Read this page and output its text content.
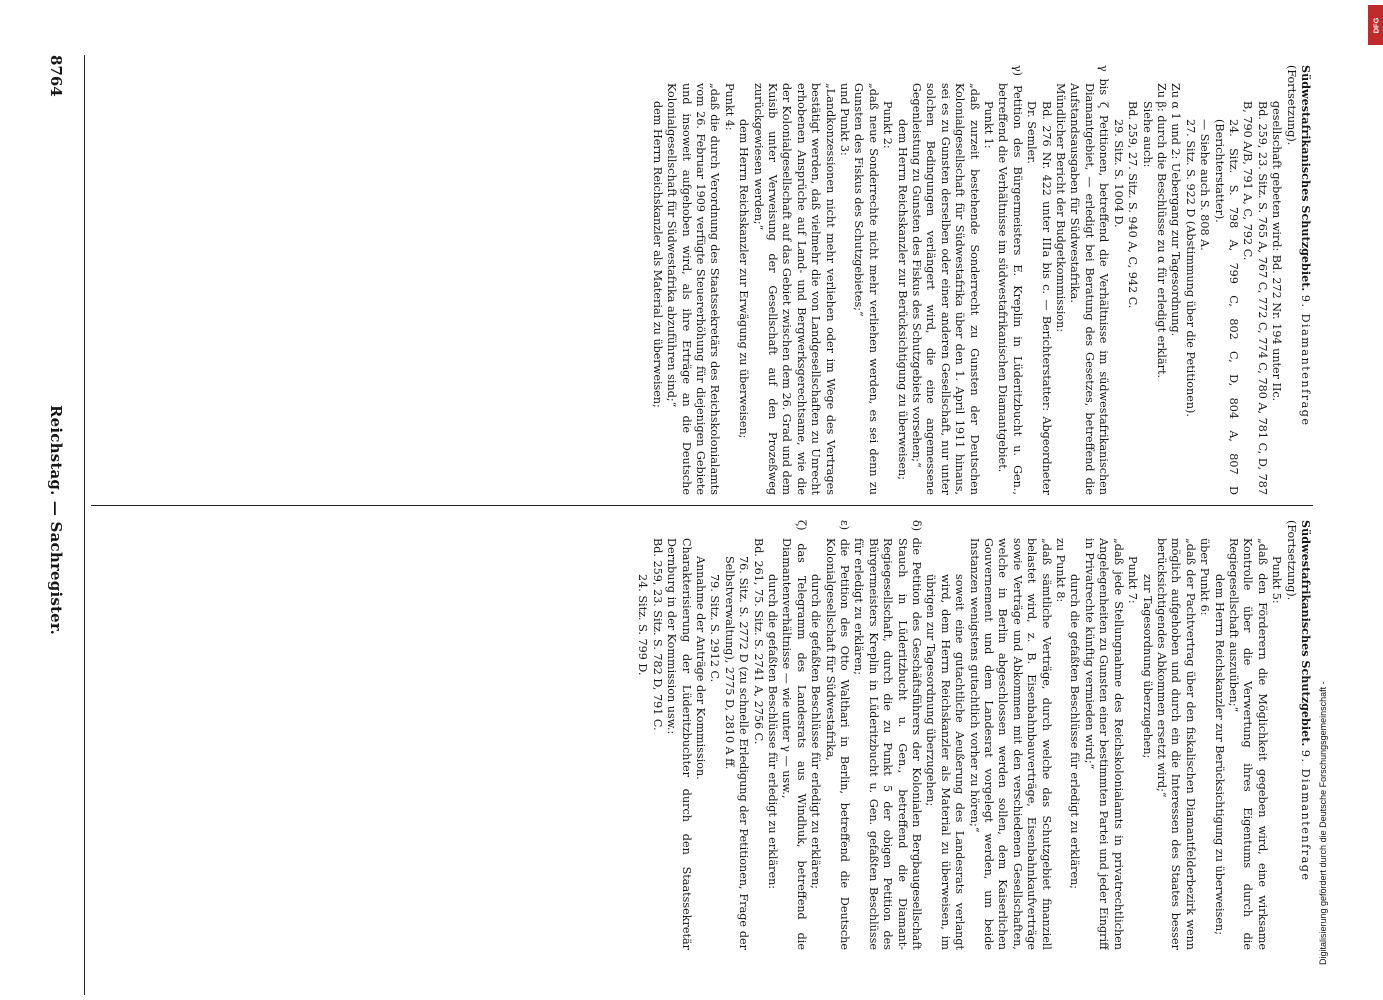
8764
Reichstag. — Sachregister.

Südwestafrikanisches Schutzgebiet. 9. Diamantenfrage (Fortsetzung).

gesellschaft gebeten wird: Bd. 272 Nr. 194 unter IIc.

Bd. 259, 23. Sitz. S. 765 A, 767 C, 772 C, 774 C, 780 A, 781 C, D, 787 B, 790 A/B, 791 A, C, 792 C.

24. Sitz. S. 798 A, 799 C, 802 C, D, 804 A, 807 D (Berichterstatter).

— Siehe auch S. 808 A.

27. Sitz. S. 922 D (Abstimmung über die Petitionen).

Zu α 1 und 2: Uebergang zur Tagesordnung.

Zu β: durch die Beschlüsse zu α für erledigt erklärt.

Siehe auch:

Bd. 259, 27. Sitz. S. 940 A, C, 942 C.

29. Sitz. S. 1004 D.

γ bis ζ Petitionen, betreffend die Verhältnisse im südwestafrikanischen Diamantgebiet, — erledigt bei Beratung des Gesetzes, betreffend die Aufstandsausgaben für Südwestafrika.

Mündlicher Bericht der Budgetkommission:

Bd. 276 Nr. 422 unter IIIa bis c. — Berichterstatter: Abgeordneter Dr. Semler.

γ) Petition des Bürgermeisters E. Kreplin in Lüderitzbucht u. Gen., betreffend die Verhältnisse im südwestafrikanischen Diamantgebiet.

Punkt 1:

„daß zurzeit bestehende Sonderrecht zu Gunsten der Deutschen Kolonialgesellschaft für Südwestafrika über den 1. April 1911 hinaus, sei es zu Gunsten derselben oder einer anderen Gesellschaft, nur unter solchen Bedingungen verlängert wird, die eine angemessene Gegenleistung zu Gunsten des Fiskus des Schutzgebiets vorsehen;“

dem Herrn Reichskanzler zur Berücksichtigung zu überweisen;

Punkt 2:

„daß neue Sonderrechte nicht mehr verliehen werden, es sei denn zu Gunsten des Fiskus des Schutzgebietes;“

und Punkt 3:

„Landkonzessionen nicht mehr verliehen oder im Wege des Vertrages bestätigt werden, daß vielmehr die von Landgesellschaften zu Unrecht erhobenen Ansprüche auf Land- und Bergwerksgerechtsame, wie die der Kolonialgesellschaft auf das Gebiet zwischen dem 26. Grad und dem Kuisib unter Verweisung der Gesellschaft auf den Prozeßweg zurückgewiesen werden;“

dem Herrn Reichskanzler zur Erwägung zu überweisen;

Punkt 4:

„daß die durch Verordnung des Staatssekretärs des Reichskolonialamts vom 26. Februar 1909 verfügte Steuererhöhung für diejenigen Gebiete und insoweit aufgehoben wird, als ihre Erträge an die Deutsche Kolonialgesellschaft für Südwestafrika abzuführen sind;“

dem Herrn Reichskanzler als Material zu überweisen;

Südwestafrikanisches Schutzgebiet. 9. Diamantenfrage (Fortsetzung).

Punkt 5:

„daß den Förderern die Möglichkeit gegeben wird, eine wirksame Kontrolle über die Verwertung ihres Eigentums durch die Regiegesellschaft auszuüben;“

dem Herrn Reichskanzler zur Berücksichtigung zu überweisen;

über Punkt 6:

„daß der Pachtvertrag über den fiskalischen Diamantfelderbezirk wenn möglich aufgehoben und durch ein die Interessen des Staates besser berücksichtigendes Abkommen ersetzt wird;“

zur Tagesordnung überzugehen;

Punkt 7:

„daß jede Stellungnahme des Reichskolonialamts in privatrechtlichen Angelegenheiten zu Gunsten einer bestimmten Partei und jeder Eingriff in Privatrechte künftig vermieden wird;“

durch die gefaßten Beschlüsse für erledigt zu erklären;

zu Punkt 8:

„daß sämtliche Verträge, durch welche das Schutzgebiet finanziell belastet wird, z. B. Eisenbahnbauverträge, Eisenbahnkaufverträge sowie Verträge und Abkommen mit den verschiedenen Gesellschaften, welche in Berlin abgeschlossen werden sollen, dem Kaiserlichen Gouvernement und dem Landesrat vorgelegt werden, um beide Instanzen wenigstens gutachtlich vorher zu hören;“

soweit eine gutachtliche Aeußerung des Landesrats verlangt wird, dem Herrn Reichskanzler als Material zu überweisen, im übrigen zur Tagesordnung überzugehen;

δ) die Petition des Geschäftsführers der Kolonialen Bergbaugesellschaft Stauch in Lüderitzbucht u. Gen., betreffend die Diamant-Regiegesellschaft, durch die zu Punkt 5 der obigen Petition des Bürgermeisters Kreplin in Lüderitzbucht u. Gen. gefaßten Beschlüsse für erledigt zu erklären;

ε) die Petition des Otto Walthari in Berlin, betreffend die Deutsche Kolonialgesellschaft für Südwestafrika,

durch die gefaßten Beschlüsse für erledigt zu erklären;

ζ) das Telegramm des Landesrats aus Windhuk, betreffend die Diamantenverhältnisse — wie unter γ — usw.,

durch die gefaßten Beschlüsse für erledigt zu erklären:

Bd. 261, 75. Sitz. S. 2741 A, 2756 C.

76. Sitz. S. 2772 D (zu schnelle Erledigung der Petitionen, Frage der Selbstverwaltung), 2775 D, 2810 A ff.

79. Sitz. S. 2912 C.

Annahme der Anträge der Kommission.

Charakterisierung der Lüderitzbuchter durch den Staatssekretär Dernburg in der Kommission usw.:

Bd. 259, 23. Sitz. S. 782 D, 791 C.

24. Sitz. S. 799 D.

Digitalisierung gefördert durch die Deutsche Forschungsgemeinschaft -
DFG
